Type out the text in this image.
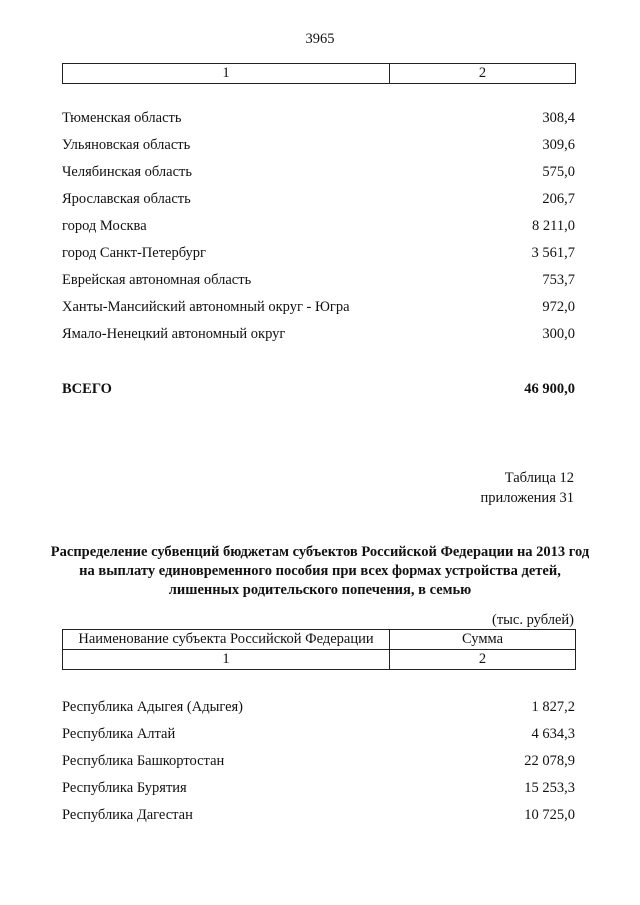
3965
1	2
Тюменская область	308,4
Ульяновская область	309,6
Челябинская область	575,0
Ярославская область	206,7
город Москва	8 211,0
город Санкт-Петербург	3 561,7
Еврейская автономная область	753,7
Ханты-Мансийский автономный округ - Югра	972,0
Ямало-Ненецкий автономный округ	300,0
ВСЕГО	46 900,0
Таблица 12
приложения 31
Распределение субвенций бюджетам субъектов Российской Федерации на 2013 год на выплату единовременного пособия при всех формах устройства детей, лишенных родительского попечения, в семью
(тыс. рублей)
Наименование субъекта Российской Федерации	Сумма
1	2
Республика Адыгея (Адыгея)	1 827,2
Республика Алтай	4 634,3
Республика Башкортостан	22 078,9
Республика Бурятия	15 253,3
Республика Дагестан	10 725,0
